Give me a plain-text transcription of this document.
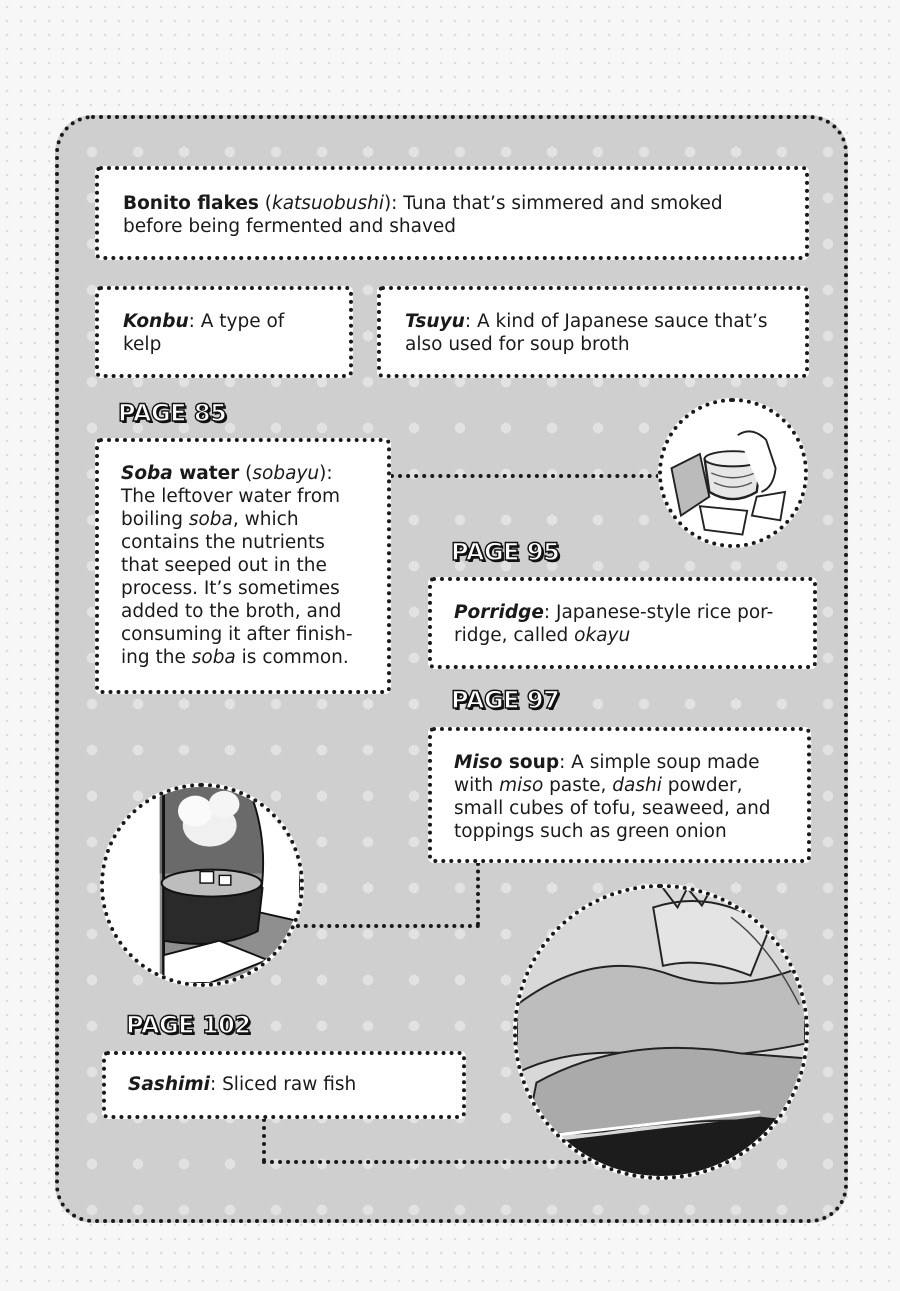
Bonito flakes (katsuobushi): Tuna that’s simmered and smoked before being fermented and shaved
Konbu: A type of kelp
Tsuyu: A kind of Japanese sauce that’s also used for soup broth
PAGE 85
Soba water (sobayu): The leftover water from boiling soba, which contains the nutrients that seeped out in the process. It’s sometimes added to the broth, and consuming it after finish-ing the soba is common.
PAGE 95
Porridge: Japanese-style rice por-ridge, called okayu
PAGE 97
Miso soup: A simple soup made with miso paste, dashi powder, small cubes of tofu, seaweed, and toppings such as green onion
PAGE 102
Sashimi: Sliced raw fish
